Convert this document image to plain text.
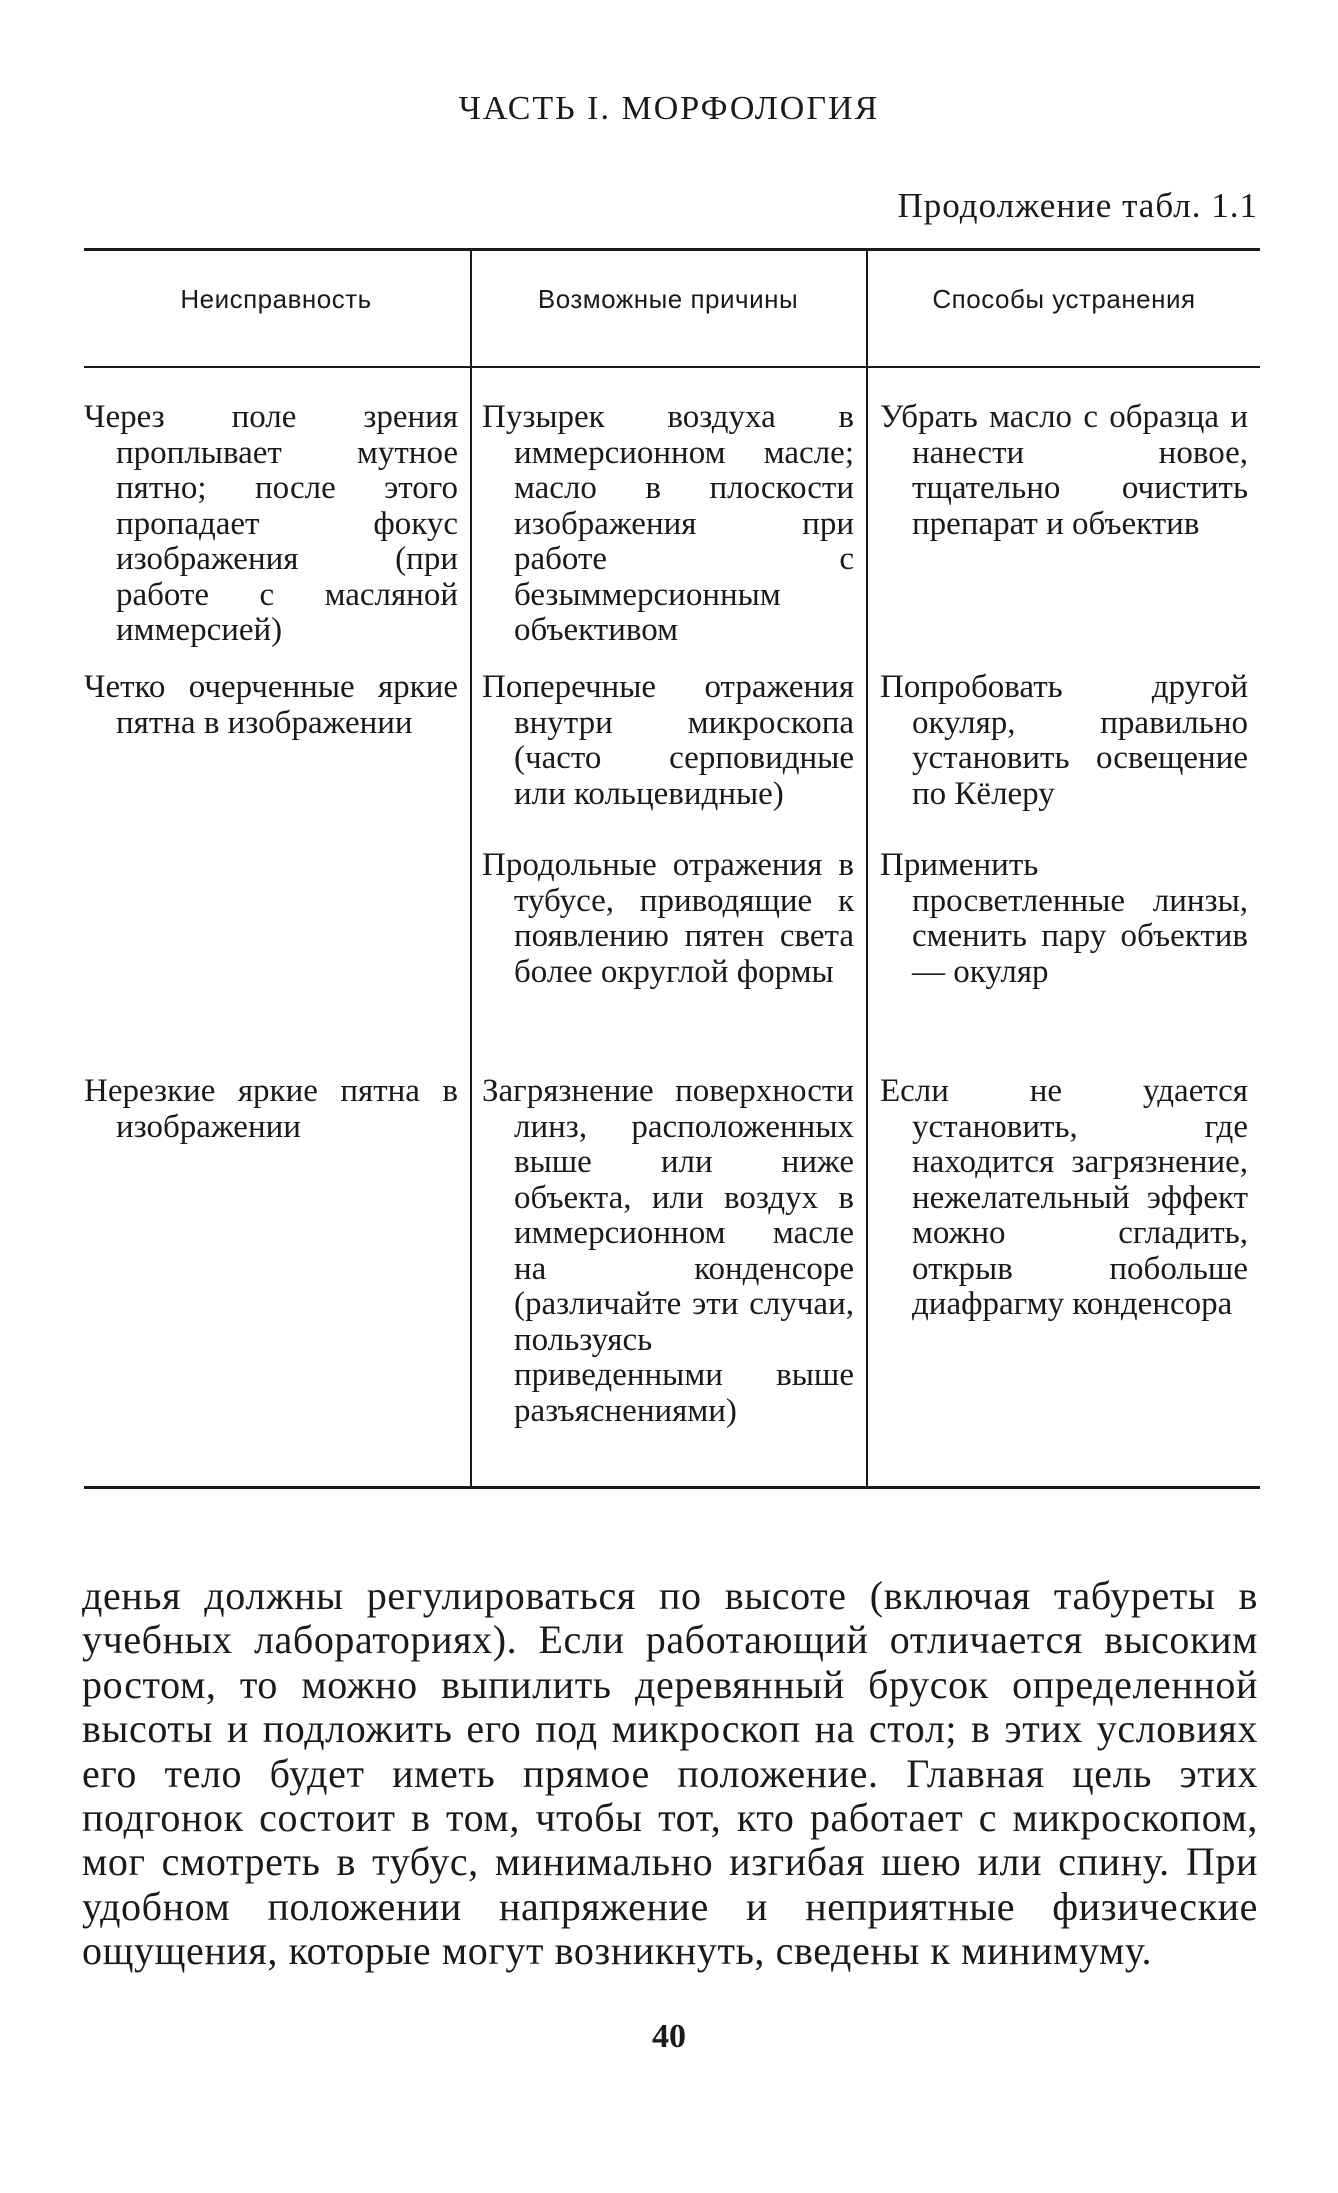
ЧАСТЬ I. МОРФОЛОГИЯ
Продолжение табл. 1.1
Неисправность	Возможные причины	Способы устранения
Через поле зрения проплывает мутное пятно; после этого пропадает фокус изображения (при работе с масляной иммерсией)
Пузырек воздуха в иммерсионном масле; масло в плоскости изображения при работе с безыммерсионным объективом
Убрать масло с образца и нанести новое, тщательно очистить препарат и объектив
Четко очерченные яркие пятна в изображении
Поперечные отражения внутри микроскопа (часто серповидные или кольцевидные)
Продольные отражения в тубусе, приводящие к появлению пятен света более округлой формы
Попробовать другой окуляр, правильно установить освещение по Кёлеру
Применить просветленные линзы, сменить пару объектив — окуляр
Нерезкие яркие пятна в изображении
Загрязнение поверхности линз, расположенных выше или ниже объекта, или воздух в иммерсионном масле на конденсоре (различайте эти случаи, пользуясь приведенными выше разъяснениями)
Если не удается установить, где находится загрязнение, нежелательный эффект можно сгладить, открыв побольше диафрагму конденсора
денья должны регулироваться по высоте (включая табуреты в учебных лабораториях). Если работающий отличается высоким ростом, то можно выпилить деревянный брусок определенной высоты и подложить его под микроскоп на стол; в этих условиях его тело будет иметь прямое положение. Главная цель этих подгонок состоит в том, чтобы тот, кто работает с микроскопом, мог смотреть в тубус, минимально изгибая шею или спину. При удобном положении напряжение и неприятные физические ощущения, которые могут возникнуть, сведены к минимуму.
40
